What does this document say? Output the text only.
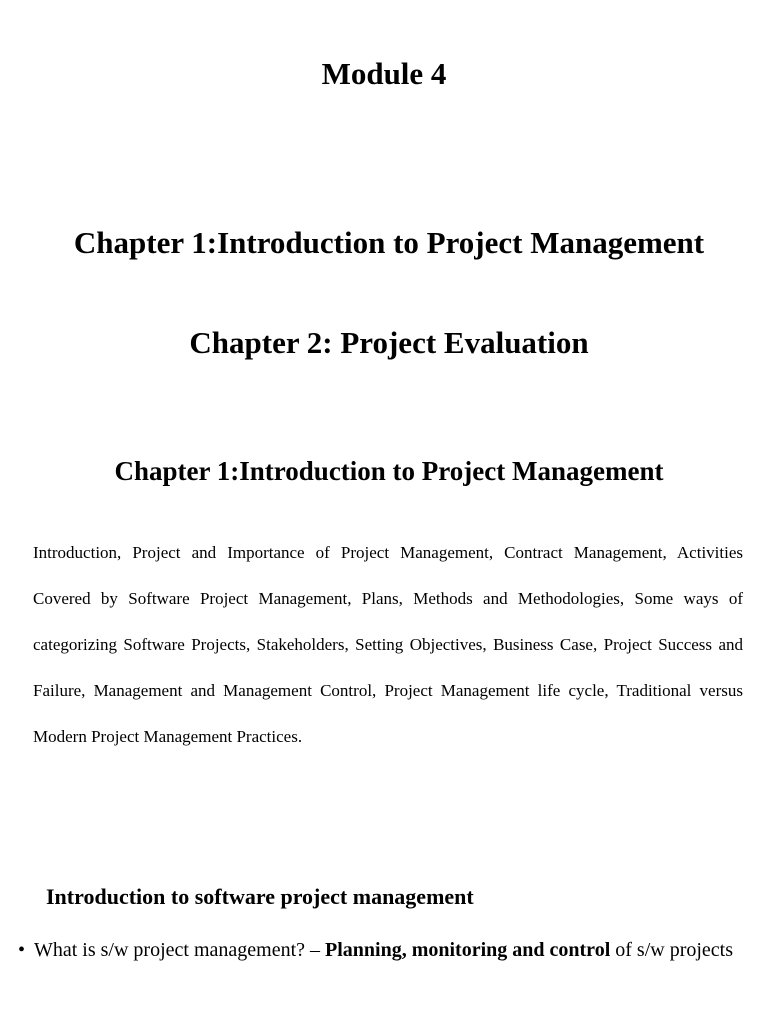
Module 4
Chapter 1:Introduction to Project Management
Chapter 2: Project Evaluation
Chapter 1:Introduction to Project Management

Introduction, Project and Importance of Project Management, Contract Management, Activities Covered by Software Project Management, Plans, Methods and Methodologies, Some ways of categorizing Software Projects, Stakeholders, Setting Objectives, Business Case, Project Success and Failure, Management and Management Control, Project Management life cycle, Traditional versus Modern Project Management Practices.

Introduction to software project management
• What is s/w project management? – Planning, monitoring and control of s/w projects
